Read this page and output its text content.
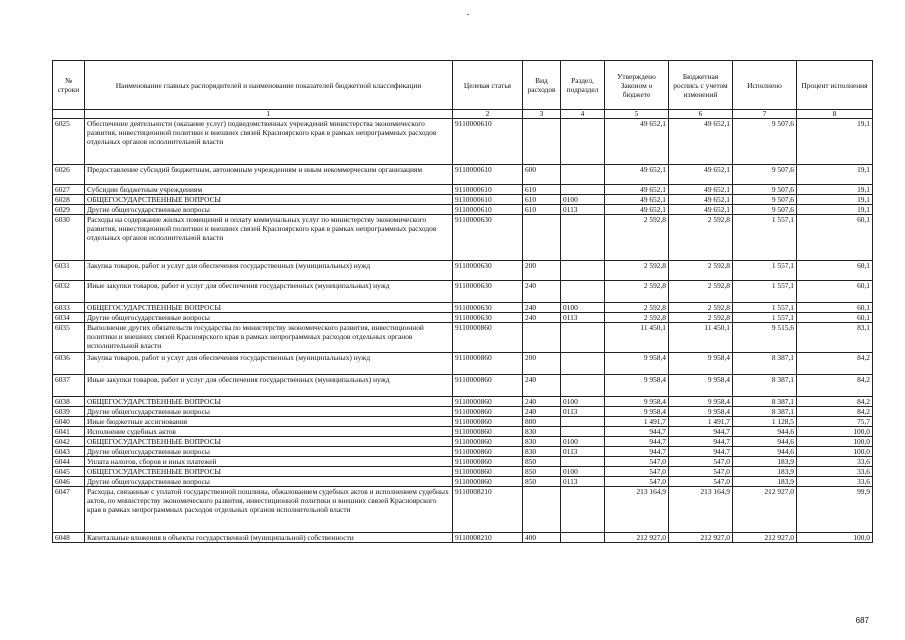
№ строки	Наименование главных распорядителей и наименование показателей бюджетной классификации	Целевая статья	Вид расходов	Раздел, подраздел	Утверждено Законом о бюджете	Бюджетная роспись с учетом изменений	Исполнено	Процент исполнения
	1	2	3	4	5	6	7	8
6025	Обеспечение деятельности (оказание услуг) подведомственных учреждений министерства экономического развития, инвестиционной политики и внешних связей Красноярского края в рамках непрограммных расходов отдельных органов исполнительной власти	9110000610			49 652,1	49 652,1	9 507,6	19,1
6026	Предоставление субсидий бюджетным, автономным учреждениям и иным некоммерческим организациям	9110000610	600		49 652,1	49 652,1	9 507,6	19,1
6027	Субсидии бюджетным учреждениям	9110000610	610		49 652,1	49 652,1	9 507,6	19,1
6028	ОБЩЕГОСУДАРСТВЕННЫЕ ВОПРОСЫ	9110000610	610	0100	49 652,1	49 652,1	9 507,6	19,1
6029	Другие общегосударственные вопросы	9110000610	610	0113	49 652,1	49 652,1	9 507,6	19,1
6030	Расходы на содержание жилых помещений и оплату коммунальных услуг по министерству экономического развития, инвестиционной политики и внешних связей Красноярского края в рамках непрограммных расходов отдельных органов исполнительной власти	9110000630			2 592,8	2 592,8	1 557,1	60,1
6031	Закупка товаров, работ и услуг для обеспечения государственных (муниципальных) нужд	9110000630	200		2 592,8	2 592,8	1 557,1	60,1
6032	Иные закупки товаров, работ и услуг для обеспечения государственных (муниципальных) нужд	9110000630	240		2 592,8	2 592,8	1 557,1	60,1
6033	ОБЩЕГОСУДАРСТВЕННЫЕ ВОПРОСЫ	9110000630	240	0100	2 592,8	2 592,8	1 557,1	60,1
6034	Другие общегосударственные вопросы	9110000630	240	0113	2 592,8	2 592,8	1 557,1	60,1
6035	Выполнение других обязательств государства по министерству экономического развития, инвестиционной политики и внешних связей Красноярского края в рамках непрограммных расходов отдельных органов исполнительной власти	9110000860			11 450,1	11 450,1	9 515,6	83,1
6036	Закупка товаров, работ и услуг для обеспечения государственных (муниципальных) нужд	9110000860	200		9 958,4	9 958,4	8 387,1	84,2
6037	Иные закупки товаров, работ и услуг для обеспечения государственных (муниципальных) нужд	9110000860	240		9 958,4	9 958,4	8 387,1	84,2
6038	ОБЩЕГОСУДАРСТВЕННЫЕ ВОПРОСЫ	9110000860	240	0100	9 958,4	9 958,4	8 387,1	84,2
6039	Другие общегосударственные вопросы	9110000860	240	0113	9 958,4	9 958,4	8 387,1	84,2
6040	Иные бюджетные ассигнования	9110000860	800		1 491,7	1 491,7	1 128,5	75,7
6041	Исполнение судебных актов	9110000860	830		944,7	944,7	944,6	100,0
6042	ОБЩЕГОСУДАРСТВЕННЫЕ ВОПРОСЫ	9110000860	830	0100	944,7	944,7	944,6	100,0
6043	Другие общегосударственные вопросы	9110000860	830	0113	944,7	944,7	944,6	100,0
6044	Уплата налогов, сборов и иных платежей	9110000860	850		547,0	547,0	183,9	33,6
6045	ОБЩЕГОСУДАРСТВЕННЫЕ ВОПРОСЫ	9110000860	850	0100	547,0	547,0	183,9	33,6
6046	Другие общегосударственные вопросы	9110000860	850	0113	547,0	547,0	183,9	33,6
6047	Расходы, связанные с уплатой государственной пошлины, обжалованием судебных актов и исполнением судебных актов, по министерству экономического развития, инвестиционной политики и внешних связей Красноярского края в рамках непрограммных расходов отдельных органов исполнительной власти	9110008210			213 164,9	213 164,9	212 927,0	99,9
6048	Капитальные вложения в объекты государственной (муниципальной) собственности	9110008210	400		212 927,0	212 927,0	212 927,0	100,0
687
